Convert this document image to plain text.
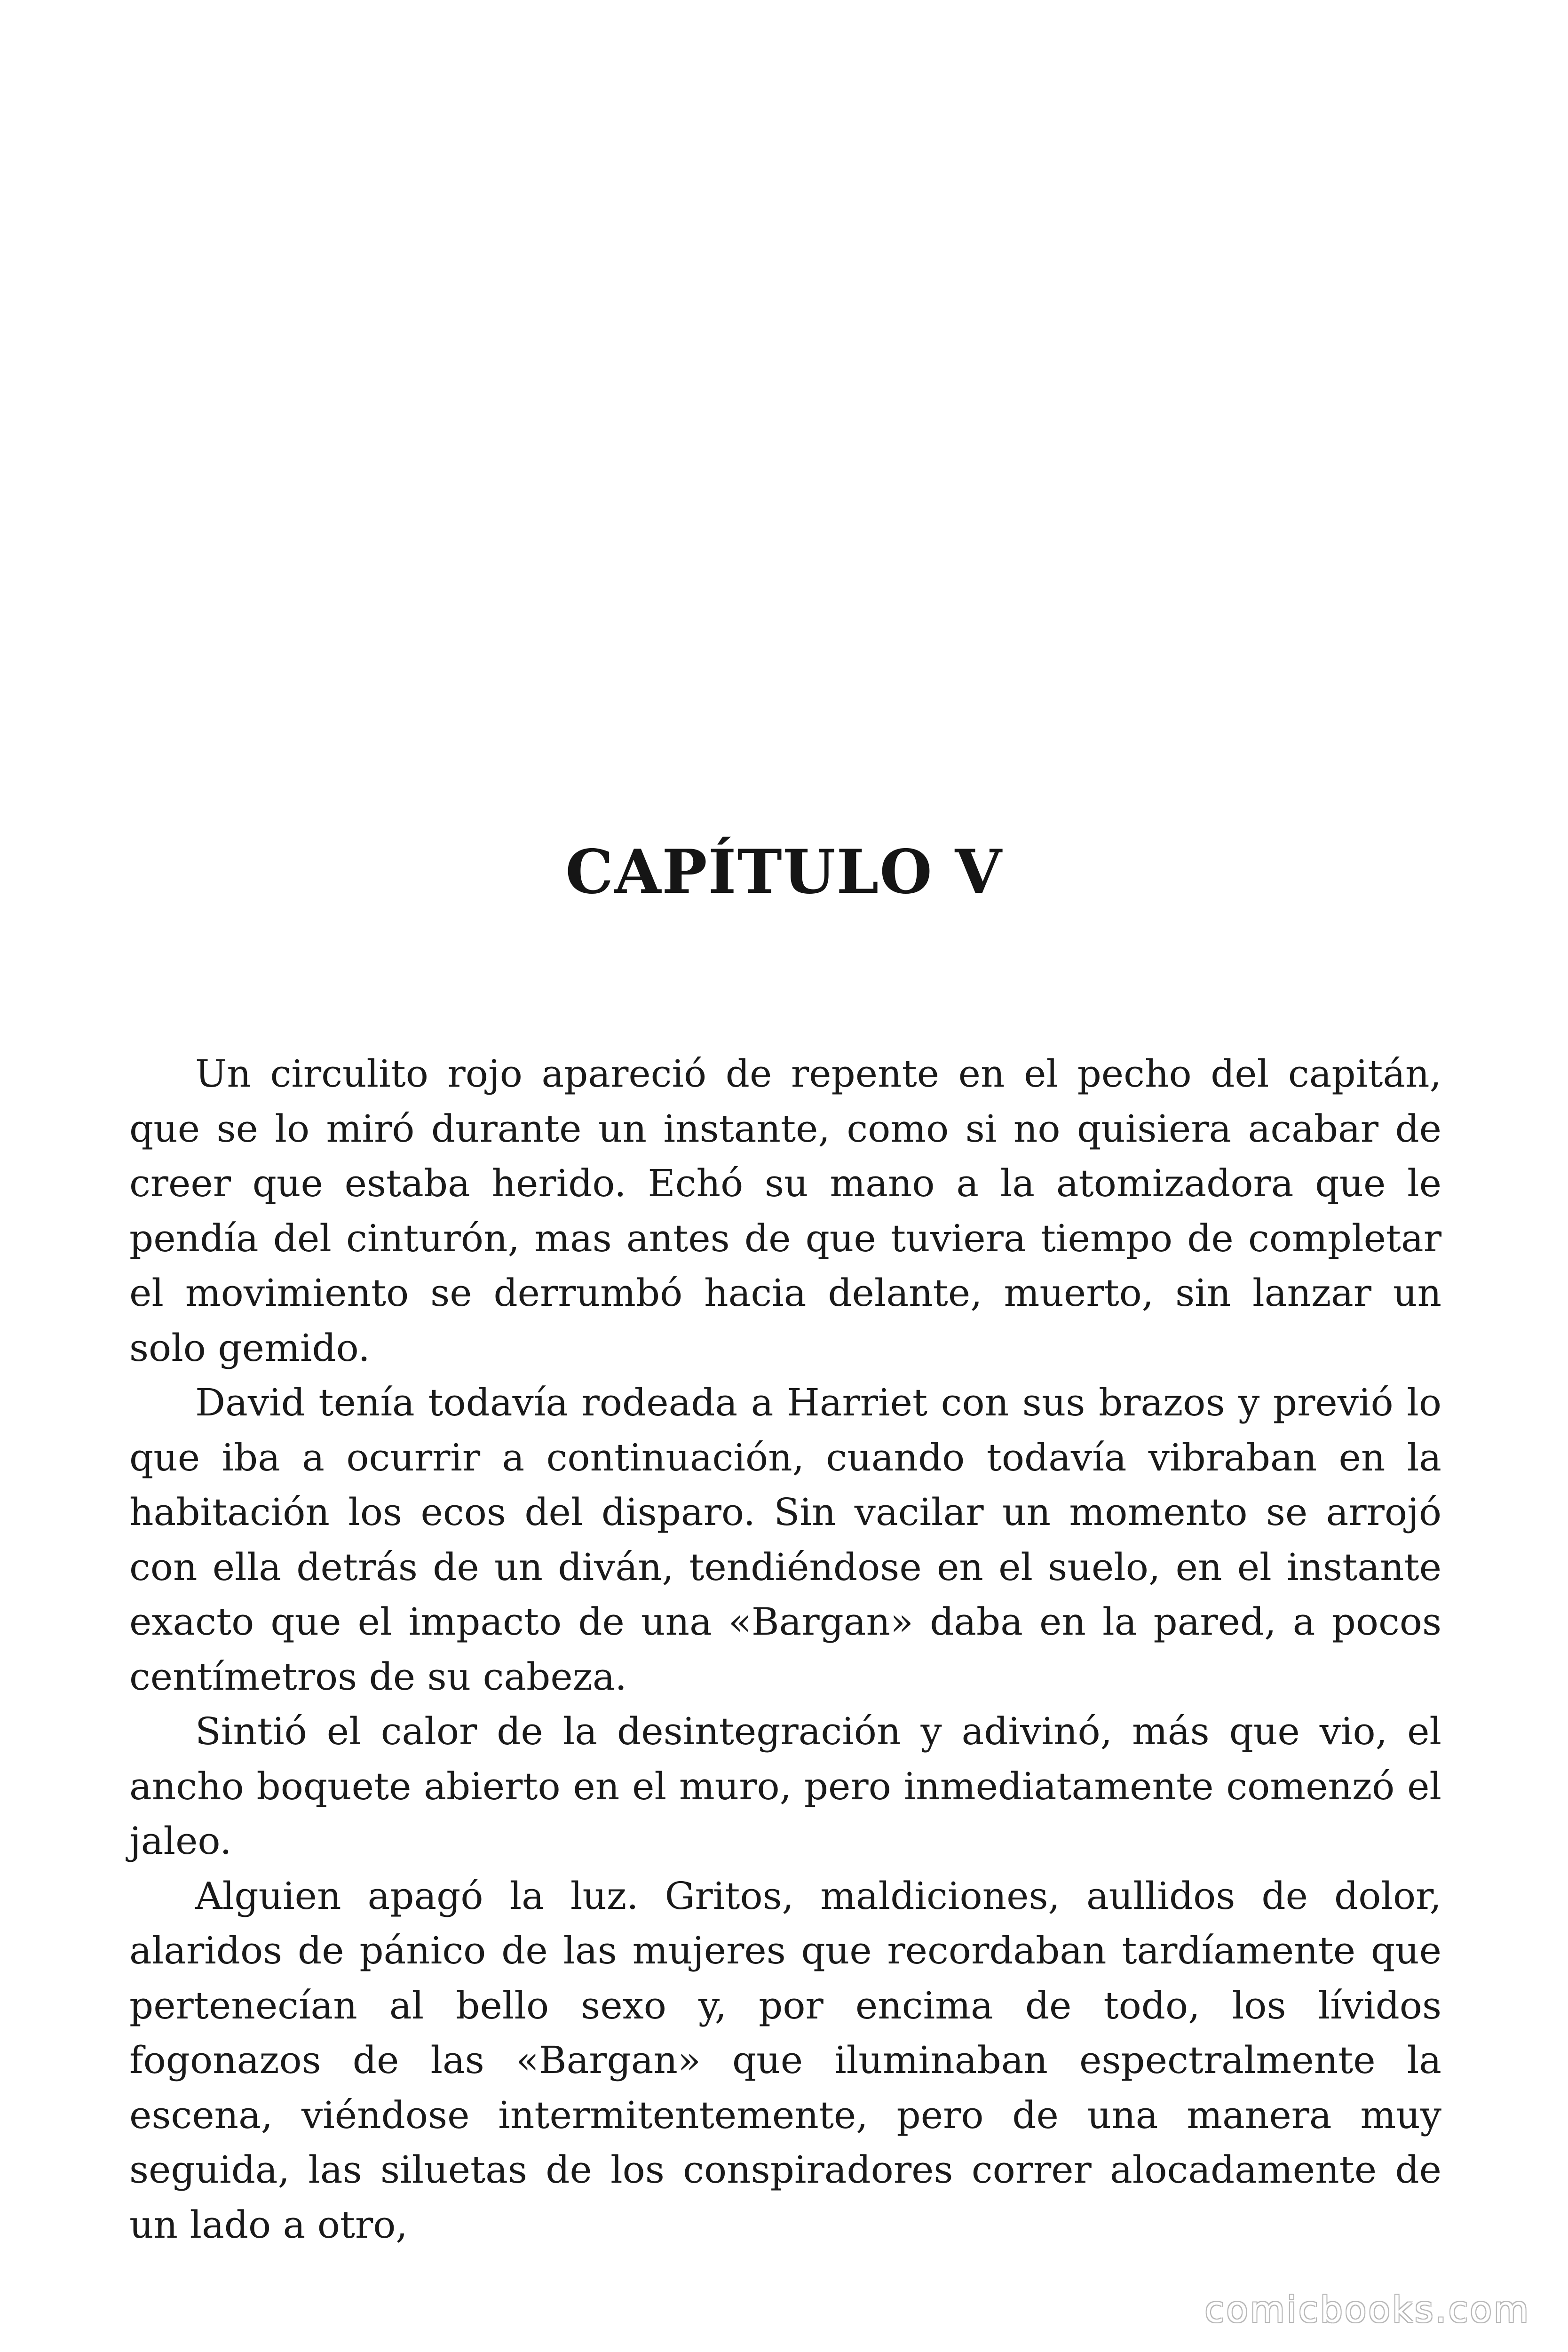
CAPÍTULO V

Un circulito rojo apareció de repente en el pecho del capitán, que se lo miró durante un instante, como si no quisiera acabar de creer que estaba herido. Echó su mano a la atomizadora que le pendía del cinturón, mas antes de que tuviera tiempo de completar el movimiento se derrumbó hacia delante, muerto, sin lanzar un solo gemido.

David tenía todavía rodeada a Harriet con sus brazos y previó lo que iba a ocurrir a continuación, cuando todavía vibraban en la habitación los ecos del disparo. Sin vacilar un momento se arrojó con ella detrás de un diván, tendiéndose en el suelo, en el instante exacto que el impacto de una «Bargan» daba en la pared, a pocos centímetros de su cabeza.

Sintió el calor de la desintegración y adivinó, más que vio, el ancho boquete abierto en el muro, pero inmediatamente comenzó el jaleo.

Alguien apagó la luz. Gritos, maldiciones, aullidos de dolor, alaridos de pánico de las mujeres que recordaban tardíamente que pertenecían al bello sexo y, por encima de todo, los lívidos fogonazos de las «Bargan» que iluminaban espectralmente la escena, viéndose intermitentemente, pero de una manera muy seguida, las siluetas de los conspiradores correr alocadamente de un lado a otro,

comicbooks.com
